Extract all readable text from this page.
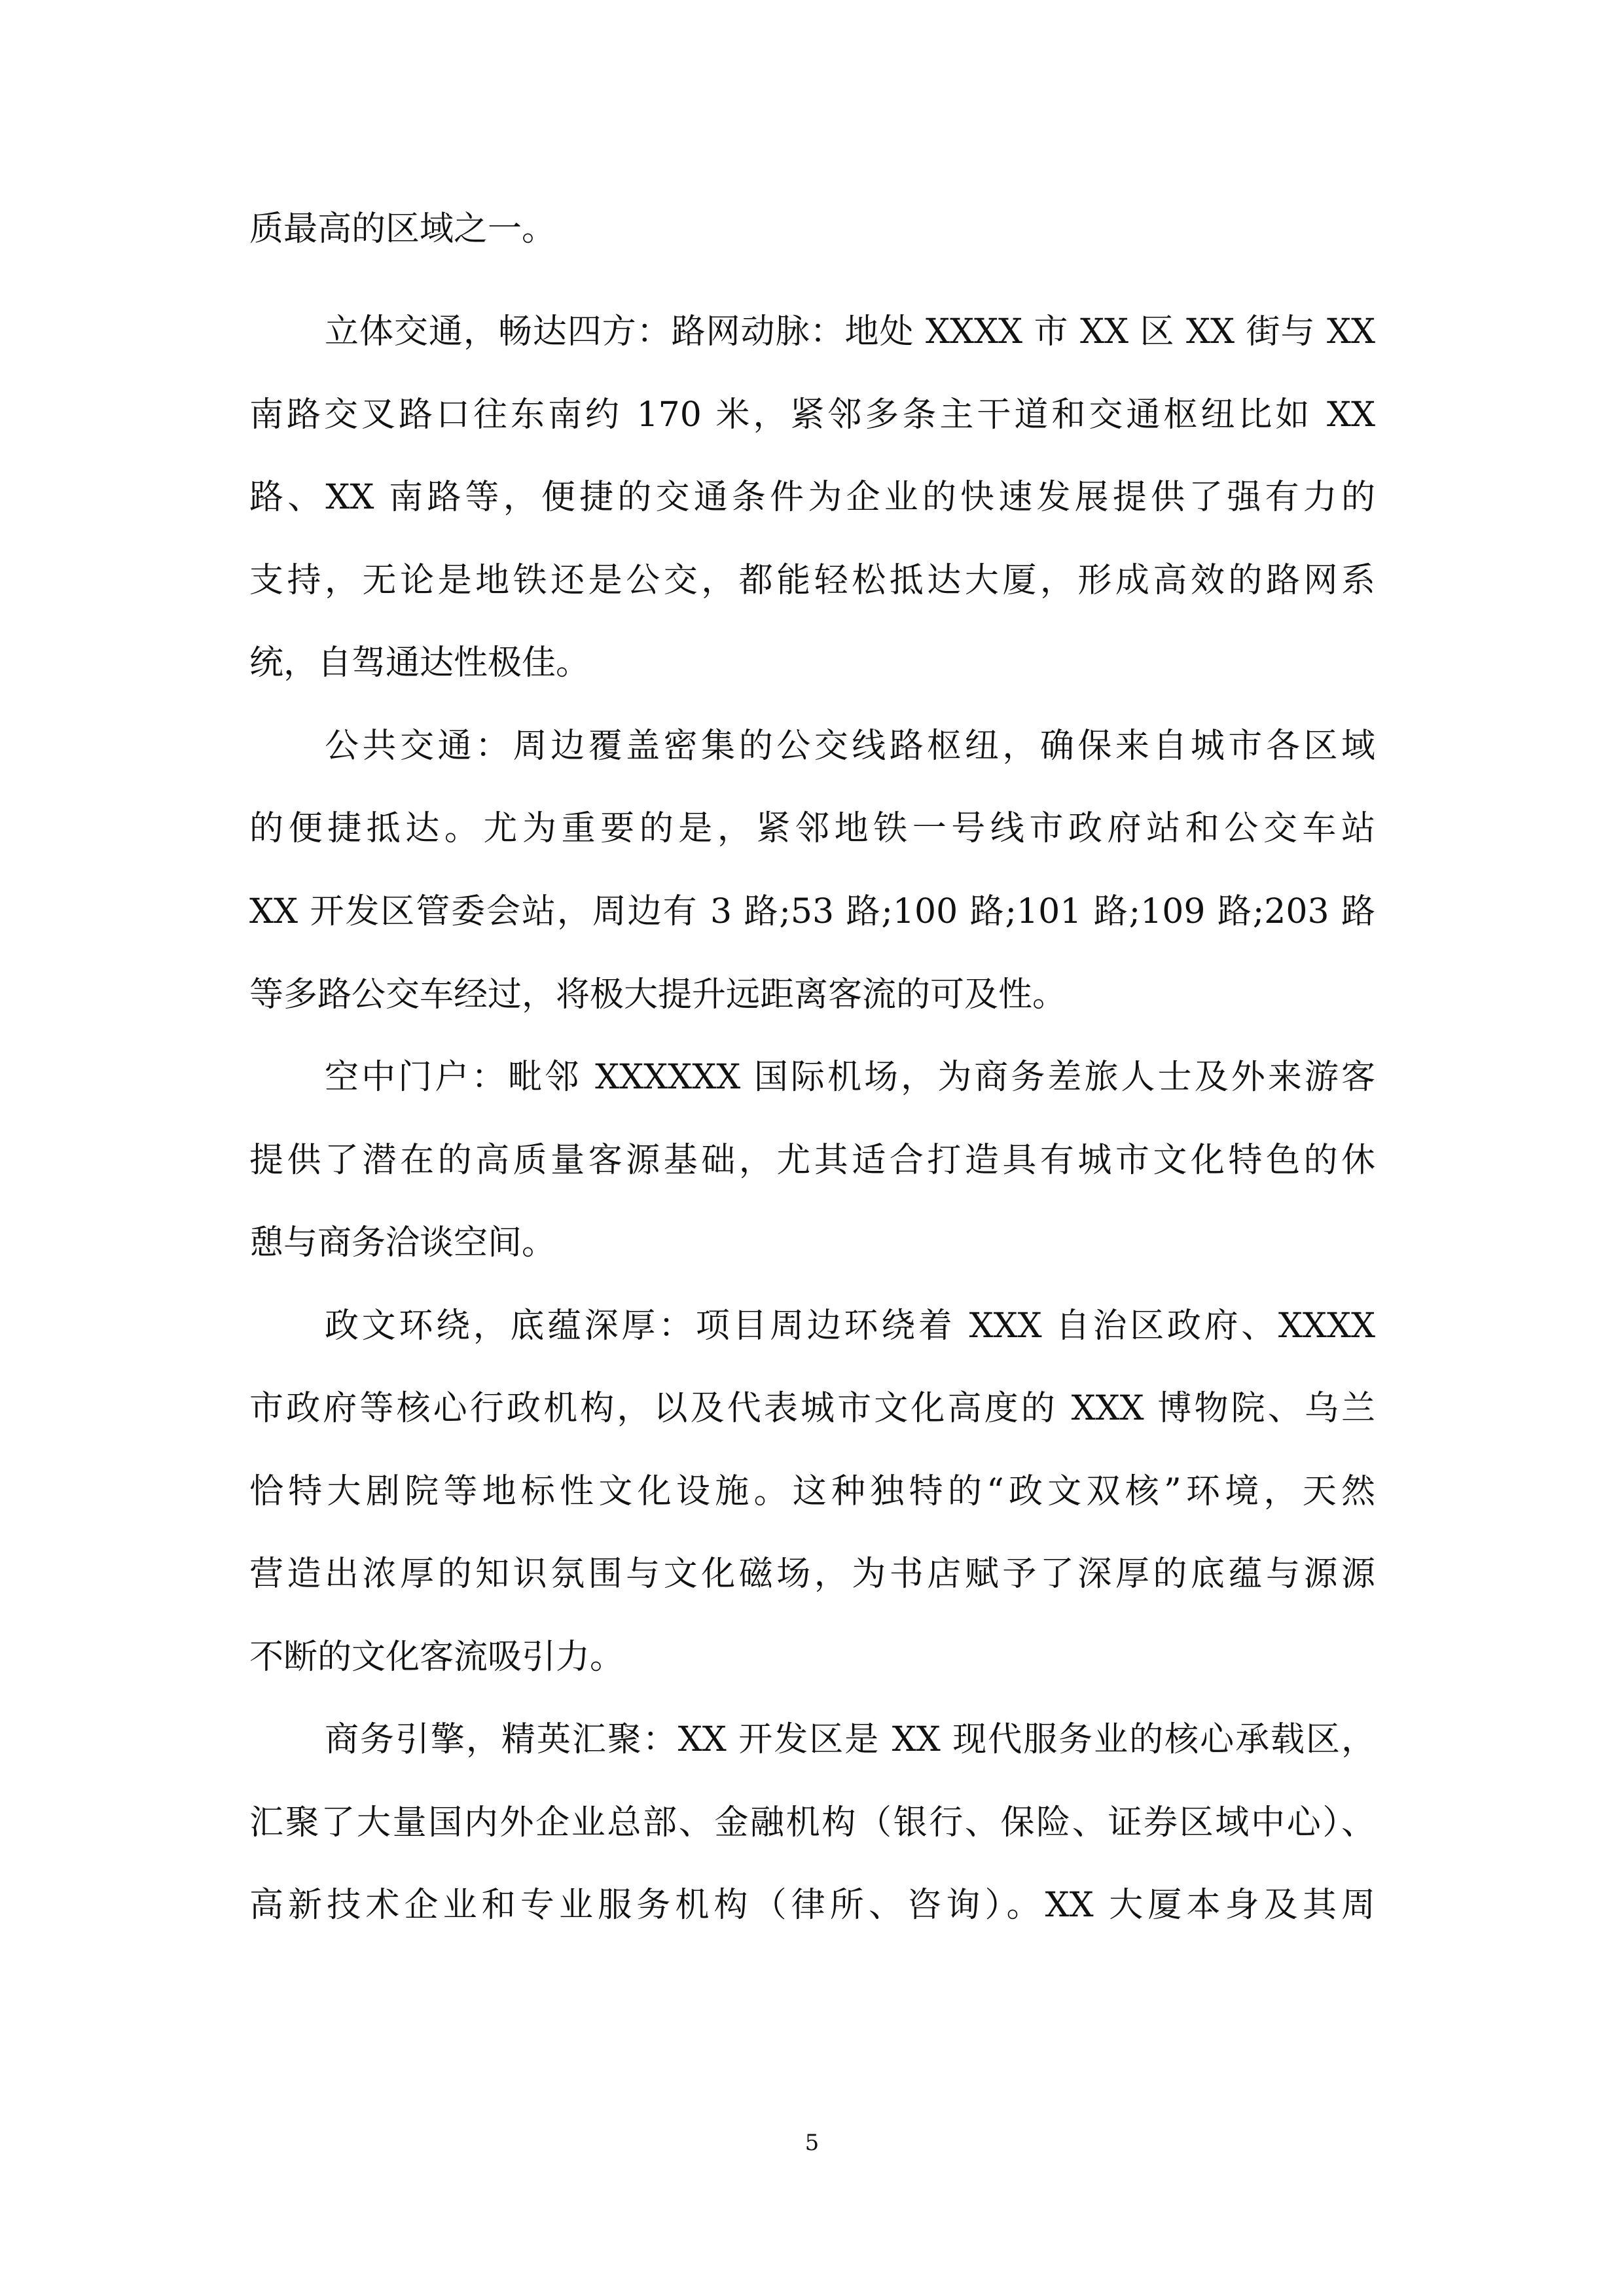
质最高的区域之一。
立体交通，畅达四方：路网动脉：地处 XXXX 市 XX 区 XX 街与 XX
南路交叉路口往东南约 170 米，紧邻多条主干道和交通枢纽比如 XX
路、XX 南路等，便捷的交通条件为企业的快速发展提供了强有力的
支持，无论是地铁还是公交，都能轻松抵达大厦，形成高效的路网系
统，自驾通达性极佳。
公共交通：周边覆盖密集的公交线路枢纽，确保来自城市各区域
的便捷抵达。尤为重要的是，紧邻地铁一号线市政府站和公交车站
XX 开发区管委会站，周边有 3 路;53 路;100 路;101 路;109 路;203 路
等多路公交车经过，将极大提升远距离客流的可及性。
空中门户：毗邻 XXXXXX 国际机场，为商务差旅人士及外来游客
提供了潜在的高质量客源基础，尤其适合打造具有城市文化特色的休
憩与商务洽谈空间。
政文环绕，底蕴深厚：项目周边环绕着 XXX 自治区政府、XXXX
市政府等核心行政机构，以及代表城市文化高度的 XXX 博物院、乌兰
恰特大剧院等地标性文化设施。这种独特的“政文双核”环境，天然
营造出浓厚的知识氛围与文化磁场，为书店赋予了深厚的底蕴与源源
不断的文化客流吸引力。
商务引擎，精英汇聚：XX 开发区是 XX 现代服务业的核心承载区，
汇聚了大量国内外企业总部、金融机构（银行、保险、证券区域中心）、
高新技术企业和专业服务机构（律所、咨询）。XX 大厦本身及其周
5
